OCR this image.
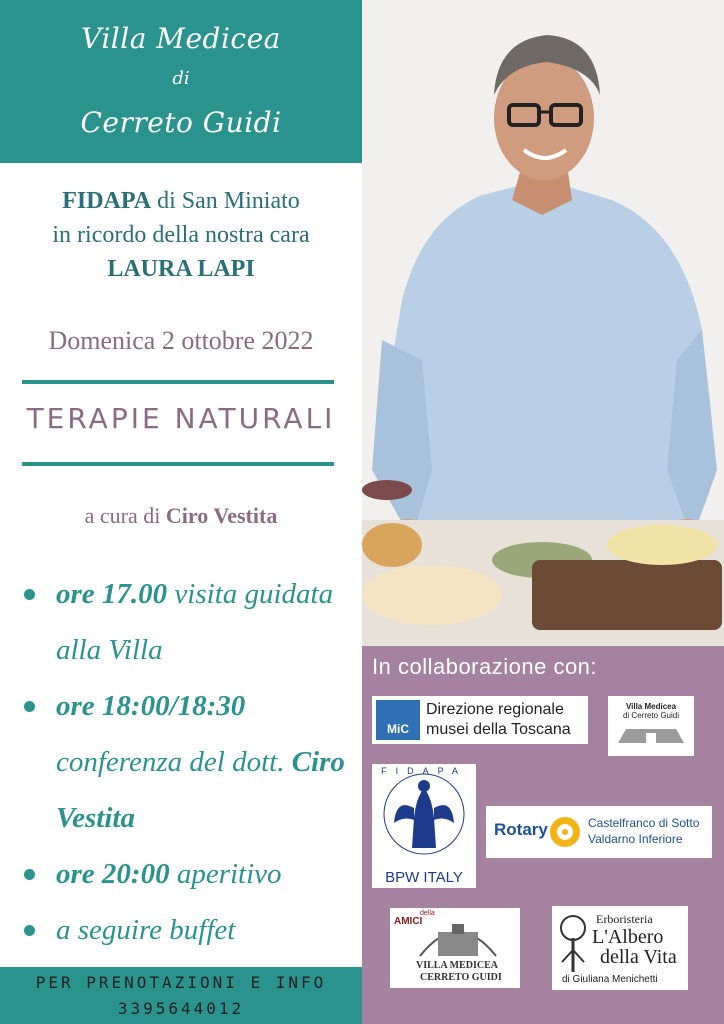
Villa Medicea
di
Cerreto Guidi
FIDAPA di San Miniato
in ricordo della nostra cara
LAURA LAPI
Domenica 2 ottobre 2022
TERAPIE NATURALI
a cura di Ciro Vestita
ore 17.00 visita guidata alla Villa
ore 18:00/18:30 conferenza del dott. Ciro Vestita
ore 20:00 aperitivo
a seguire buffet
PER PRENOTAZIONI E INFO
3395644012
In collaborazione con:
MiC
Direzione regionale
musei della Toscana
Villa Medicea
di Cerreto Guidi
FIDAPA
BPW ITALY
Rotary	Castelfranco di Sotto
Valdarno Inferiore
AMICI
della
VILLA MEDICEA
CERRETO GUIDI
Erboristeria
L'Albero
della Vita
di Giuliana Menichetti
